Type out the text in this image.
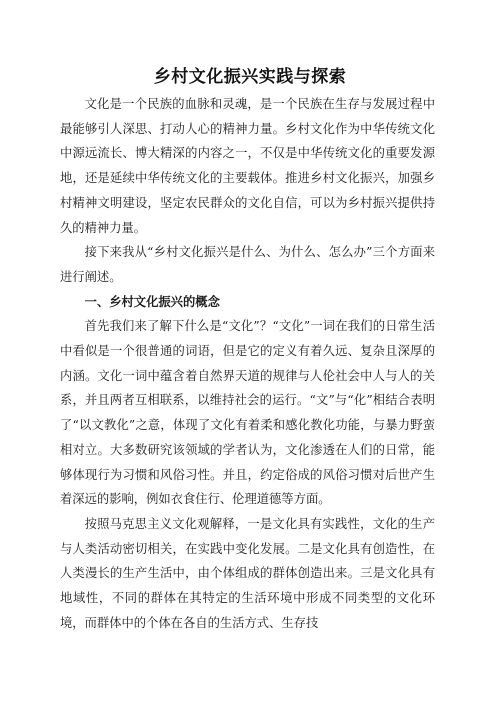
乡村文化振兴实践与探索

文化是一个民族的血脉和灵魂，是一个民族在生存与发展过程中最能够引人深思、打动人心的精神力量。乡村文化作为中华传统文化中源远流长、博大精深的内容之一，不仅是中华传统文化的重要发源地，还是延续中华传统文化的主要载体。推进乡村文化振兴，加强乡村精神文明建设，坚定农民群众的文化自信，可以为乡村振兴提供持久的精神力量。

接下来我从“乡村文化振兴是什么、为什么、怎么办”三个方面来进行阐述。

一、乡村文化振兴的概念

首先我们来了解下什么是“文化”？“文化”一词在我们的日常生活中看似是一个很普通的词语，但是它的定义有着久远、复杂且深厚的内涵。文化一词中蕴含着自然界天道的规律与人伦社会中人与人的关系，并且两者互相联系，以维持社会的运行。“文”与“化”相结合表明了“以文教化”之意，体现了文化有着柔和感化教化功能，与暴力野蛮相对立。大多数研究该领域的学者认为，文化渗透在人们的日常，能够体现行为习惯和风俗习性。并且，约定俗成的风俗习惯对后世产生着深远的影响，例如衣食住行、伦理道德等方面。

按照马克思主义文化观解释，一是文化具有实践性，文化的生产与人类活动密切相关，在实践中变化发展。二是文化具有创造性，在人类漫长的生产生活中，由个体组成的群体创造出来。三是文化具有地域性，不同的群体在其特定的生活环境中形成不同类型的文化环境，而群体中的个体在各自的生活方式、生存技
